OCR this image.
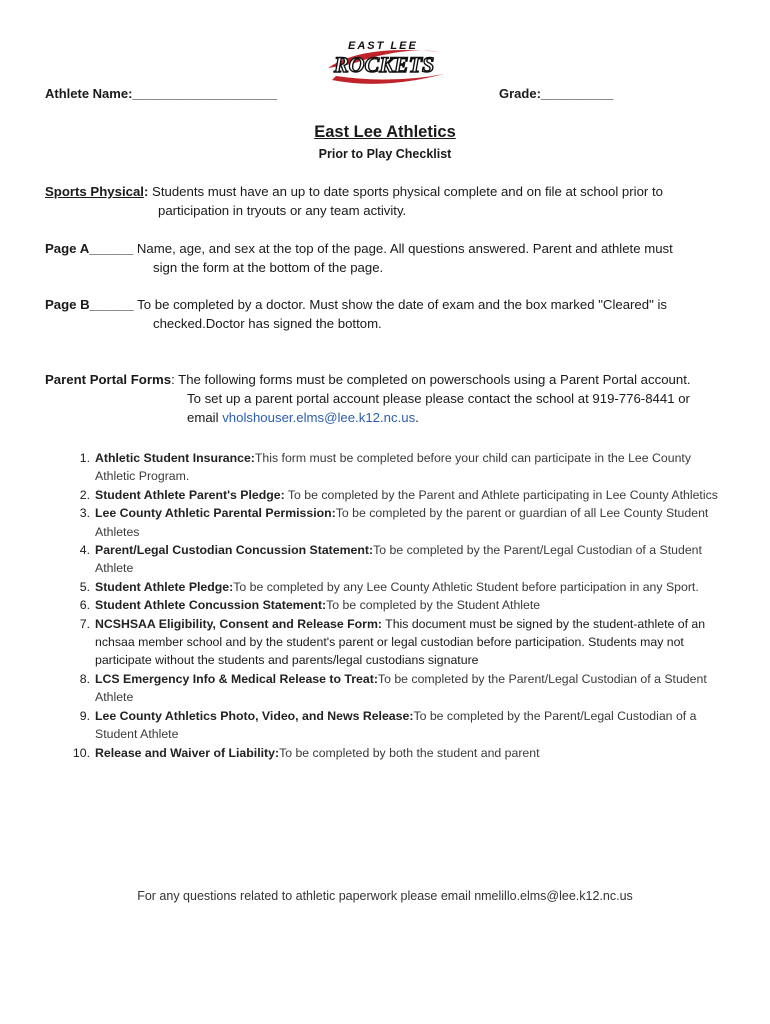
EAST LEE
ROCKETS
Athlete Name:____________________	Grade:__________
East Lee Athletics
Prior to Play Checklist
Sports Physical: Students must have an up to date sports physical complete and on file at school prior to
participation in tryouts or any team activity.
Page A______ Name, age, and sex at the top of the page. All questions answered. Parent and athlete must
sign the form at the bottom of the page.
Page B______ To be completed by a doctor. Must show the date of exam and the box marked "Cleared" is
checked.Doctor has signed the bottom.
Parent Portal Forms: The following forms must be completed on powerschools using a Parent Portal account.
To set up a parent portal account please please contact the school at 919-776-8441 or
email vholshouser.elms@lee.k12.nc.us.
1. Athletic Student Insurance:This form must be completed before your child can participate in the Lee County Athletic Program.
2. Student Athlete Parent's Pledge: To be completed by the Parent and Athlete participating in Lee County Athletics
3. Lee County Athletic Parental Permission:To be completed by the parent or guardian of all Lee County Student Athletes
4. Parent/Legal Custodian Concussion Statement:To be completed by the Parent/Legal Custodian of a Student Athlete
5. Student Athlete Pledge:To be completed by any Lee County Athletic Student before participation in any Sport.
6. Student Athlete Concussion Statement:To be completed by the Student Athlete
7. NCSHSAA Eligibility, Consent and Release Form: This document must be signed by the student-athlete of an nchsaa member school and by the student's parent or legal custodian before participation. Students may not participate without the students and parents/legal custodians signature
8. LCS Emergency Info & Medical Release to Treat:To be completed by the Parent/Legal Custodian of a Student Athlete
9. Lee County Athletics Photo, Video, and News Release:To be completed by the Parent/Legal Custodian of a Student Athlete
10. Release and Waiver of Liability:To be completed by both the student and parent
For any questions related to athletic paperwork please email nmelillo.elms@lee.k12.nc.us
